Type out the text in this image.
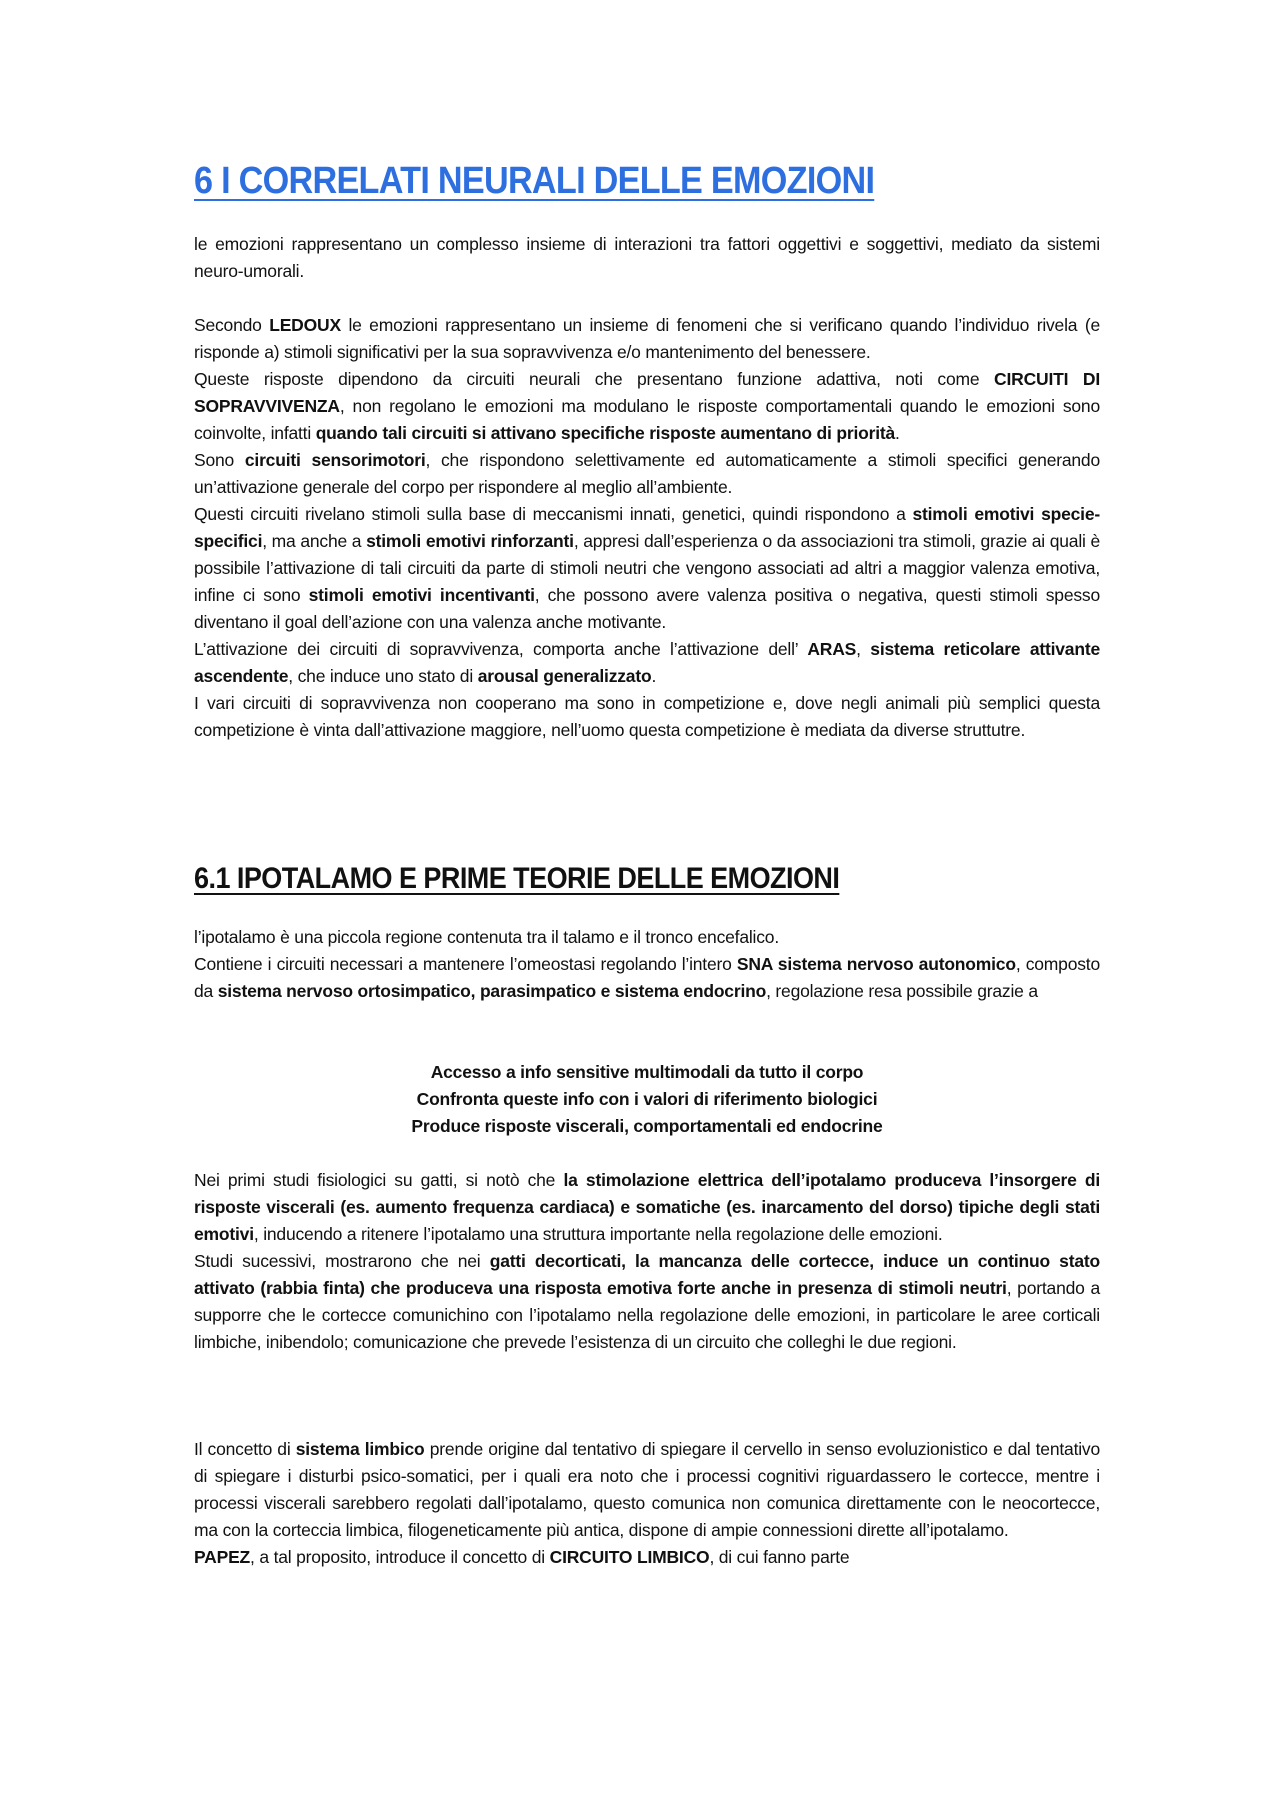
6 I CORRELATI NEURALI DELLE EMOZIONI

le emozioni rappresentano un complesso insieme di interazioni tra fattori oggettivi e soggettivi, mediato da sistemi neuro-umorali.

Secondo LEDOUX le emozioni rappresentano un insieme di fenomeni che si verificano quando l’individuo rivela (e risponde a) stimoli significativi per la sua sopravvivenza e/o mantenimento del benessere.

Queste risposte dipendono da circuiti neurali che presentano funzione adattiva, noti come CIRCUITI DI SOPRAVVIVENZA, non regolano le emozioni ma modulano le risposte comportamentali quando le emozioni sono coinvolte, infatti quando tali circuiti si attivano specifiche risposte aumentano di priorità.

Sono circuiti sensorimotori, che rispondono selettivamente ed automaticamente a stimoli specifici generando un’attivazione generale del corpo per rispondere al meglio all’ambiente.

Questi circuiti rivelano stimoli sulla base di meccanismi innati, genetici, quindi rispondono a stimoli emotivi specie-specifici, ma anche a stimoli emotivi rinforzanti, appresi dall’esperienza o da associazioni tra stimoli, grazie ai quali è possibile l’attivazione di tali circuiti da parte di stimoli neutri che vengono associati ad altri a maggior valenza emotiva, infine ci sono stimoli emotivi incentivanti, che possono avere valenza positiva o negativa, questi stimoli spesso diventano il goal dell’azione con una valenza anche motivante.

L’attivazione dei circuiti di sopravvivenza, comporta anche l’attivazione dell’ ARAS, sistema reticolare attivante ascendente, che induce uno stato di arousal generalizzato.

I vari circuiti di sopravvivenza non cooperano ma sono in competizione e, dove negli animali più semplici questa competizione è vinta dall’attivazione maggiore, nell’uomo questa competizione è mediata da diverse struttutre.

6.1 IPOTALAMO E PRIME TEORIE DELLE EMOZIONI

l’ipotalamo è una piccola regione contenuta tra il talamo e il tronco encefalico.

Contiene i circuiti necessari a mantenere l’omeostasi regolando l’intero SNA sistema nervoso autonomico, composto da sistema nervoso ortosimpatico, parasimpatico e sistema endocrino, regolazione resa possibile grazie a

Accesso a info sensitive multimodali da tutto il corpo

Confronta queste info con i valori di riferimento biologici

Produce risposte viscerali, comportamentali ed endocrine

Nei primi studi fisiologici su gatti, si notò che la stimolazione elettrica dell’ipotalamo produceva l’insorgere di risposte viscerali (es. aumento frequenza cardiaca) e somatiche (es. inarcamento del dorso) tipiche degli stati emotivi, inducendo a ritenere l’ipotalamo una struttura importante nella regolazione delle emozioni.

Studi sucessivi, mostrarono che nei gatti decorticati, la mancanza delle cortecce, induce un continuo stato attivato (rabbia finta) che produceva una risposta emotiva forte anche in presenza di stimoli neutri, portando a supporre che le cortecce comunichino con l’ipotalamo nella regolazione delle emozioni, in particolare le aree corticali limbiche, inibendolo; comunicazione che prevede l’esistenza di un circuito che colleghi le due regioni.

Il concetto di sistema limbico prende origine dal tentativo di spiegare il cervello in senso evoluzionistico e dal tentativo di spiegare i disturbi psico-somatici, per i quali era noto che i processi cognitivi riguardassero le cortecce, mentre i processi viscerali sarebbero regolati dall’ipotalamo, questo comunica non comunica direttamente con le neocortecce, ma con la corteccia limbica, filogeneticamente più antica, dispone di ampie connessioni dirette all’ipotalamo.

PAPEZ, a tal proposito, introduce il concetto di CIRCUITO LIMBICO, di cui fanno parte
